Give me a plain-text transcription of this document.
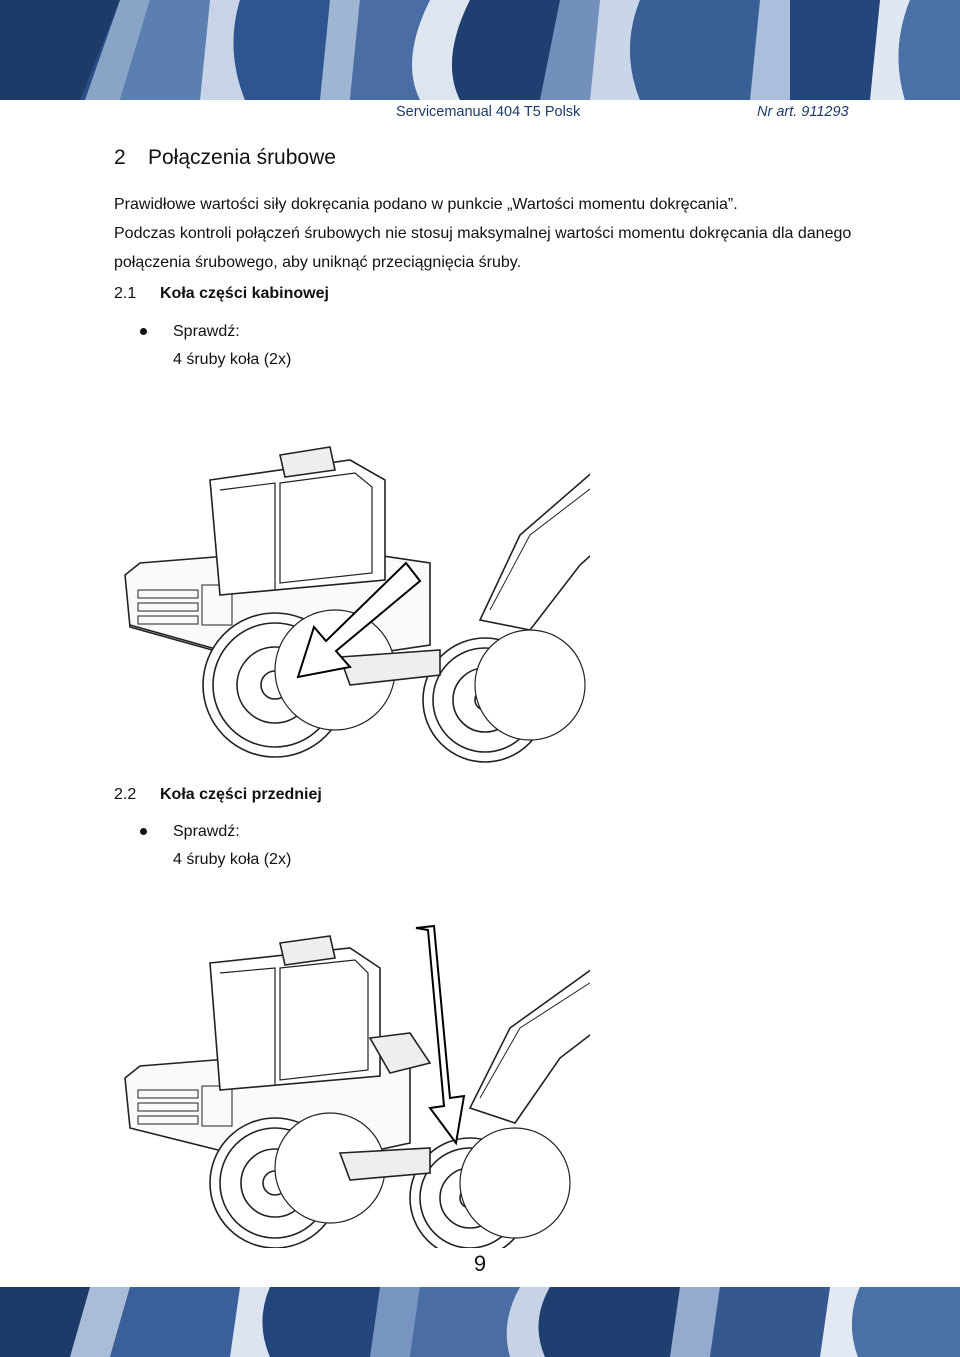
Servicemanual 404 T5 Polsk	Nr art. 911293
2 Połączenia śrubowe
Prawidłowe wartości siły dokręcania podano w punkcie „Wartości momentu dokręcania”.
Podczas kontroli połączeń śrubowych nie stosuj maksymalnej wartości momentu dokręcania dla danego połączenia śrubowego, aby uniknąć przeciągnięcia śruby.
2.1 Koła części kabinowej
Sprawdź:
4 śruby koła (2x)
2.2 Koła części przedniej
Sprawdź:
4 śruby koła (2x)
9
